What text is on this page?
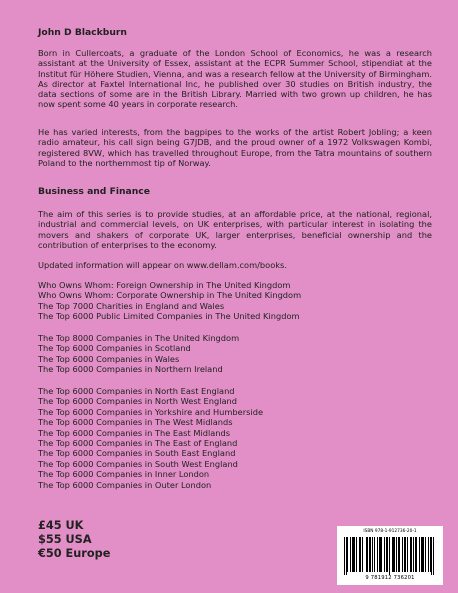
John D Blackburn

Born in Cullercoats, a graduate of the London School of Economics, he was a research assistant at the University of Essex, assistant at the ECPR Summer School, stipendiat at the Institut für Höhere Studien, Vienna, and was a research fellow at the University of Birmingham. As director at Faxtel International Inc, he published over 30 studies on British industry, the data sections of some are in the British Library. Married with two grown up children, he has now spent some 40 years in corporate research.

He has varied interests, from the bagpipes to the works of the artist Robert Jobling; a keen radio amateur, his call sign being G7JDB, and the proud owner of a 1972 Volkswagen Kombi, registered 8VW, which has travelled throughout Europe, from the Tatra mountains of southern Poland to the northernmost tip of Norway.

Business and Finance

The aim of this series is to provide studies, at an affordable price, at the national, regional, industrial and commercial levels, on UK enterprises, with particular interest in isolating the movers and shakers of corporate UK, larger enterprises, beneficial ownership and the contribution of enterprises to the economy.

Updated information will appear on www.dellam.com/books.
Who Owns Whom: Foreign Ownership in The United Kingdom
Who Owns Whom: Corporate Ownership in The United Kingdom
The Top 7000 Charities in England and Wales
The Top 6000 Public Limited Companies in The United Kingdom
The Top 8000 Companies in The United Kingdom
The Top 6000 Companies in Scotland
The Top 6000 Companies in Wales
The Top 6000 Companies in Northern Ireland
The Top 6000 Companies in North East England
The Top 6000 Companies in North West England
The Top 6000 Companies in Yorkshire and Humberside
The Top 6000 Companies in The West Midlands
The Top 6000 Companies in The East Midlands
The Top 6000 Companies in The East of England
The Top 6000 Companies in South East England
The Top 6000 Companies in South West England
The Top 6000 Companies in Inner London
The Top 6000 Companies in Outer London
£45 UK
$55 USA
€50 Europe
ISBN 978-1-912736-20-1
9 781912 736201
